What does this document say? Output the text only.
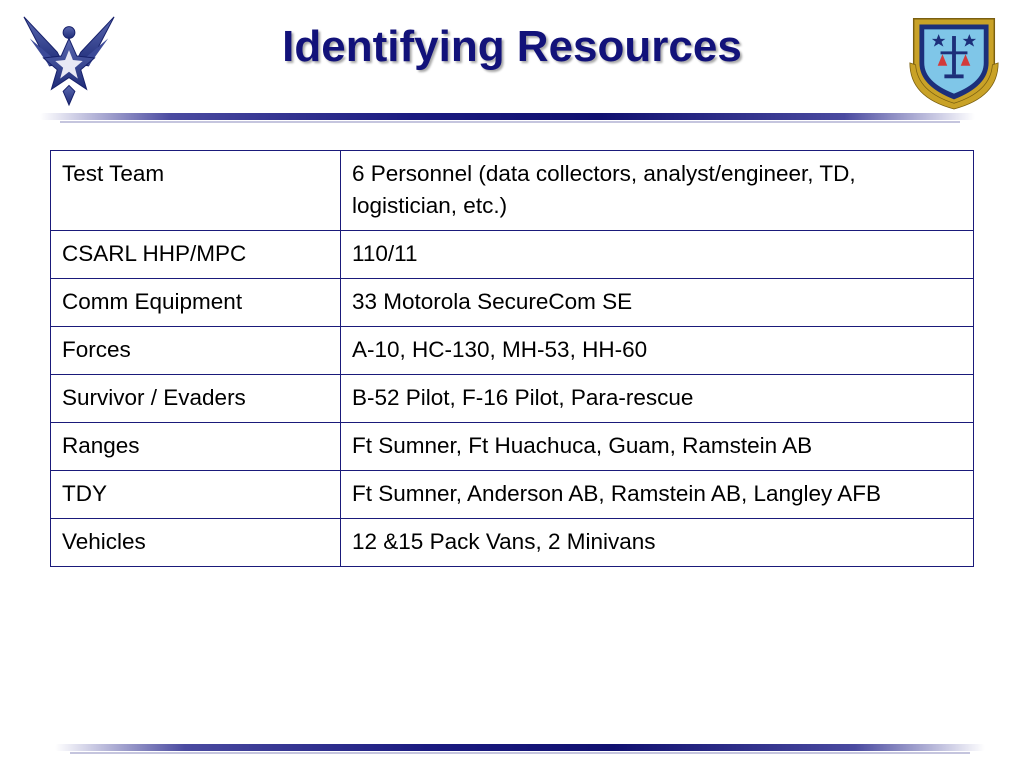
Identifying Resources
Test Team	6 Personnel (data collectors, analyst/engineer, TD, logistician, etc.)
CSARL HHP/MPC	110/11
Comm Equipment	33 Motorola SecureCom SE
Forces	A-10, HC-130, MH-53, HH-60
Survivor / Evaders	B-52 Pilot, F-16 Pilot, Para-rescue
Ranges	Ft Sumner, Ft Huachuca, Guam, Ramstein AB
TDY	Ft Sumner, Anderson AB, Ramstein AB, Langley AFB
Vehicles	12 &15 Pack Vans, 2 Minivans
